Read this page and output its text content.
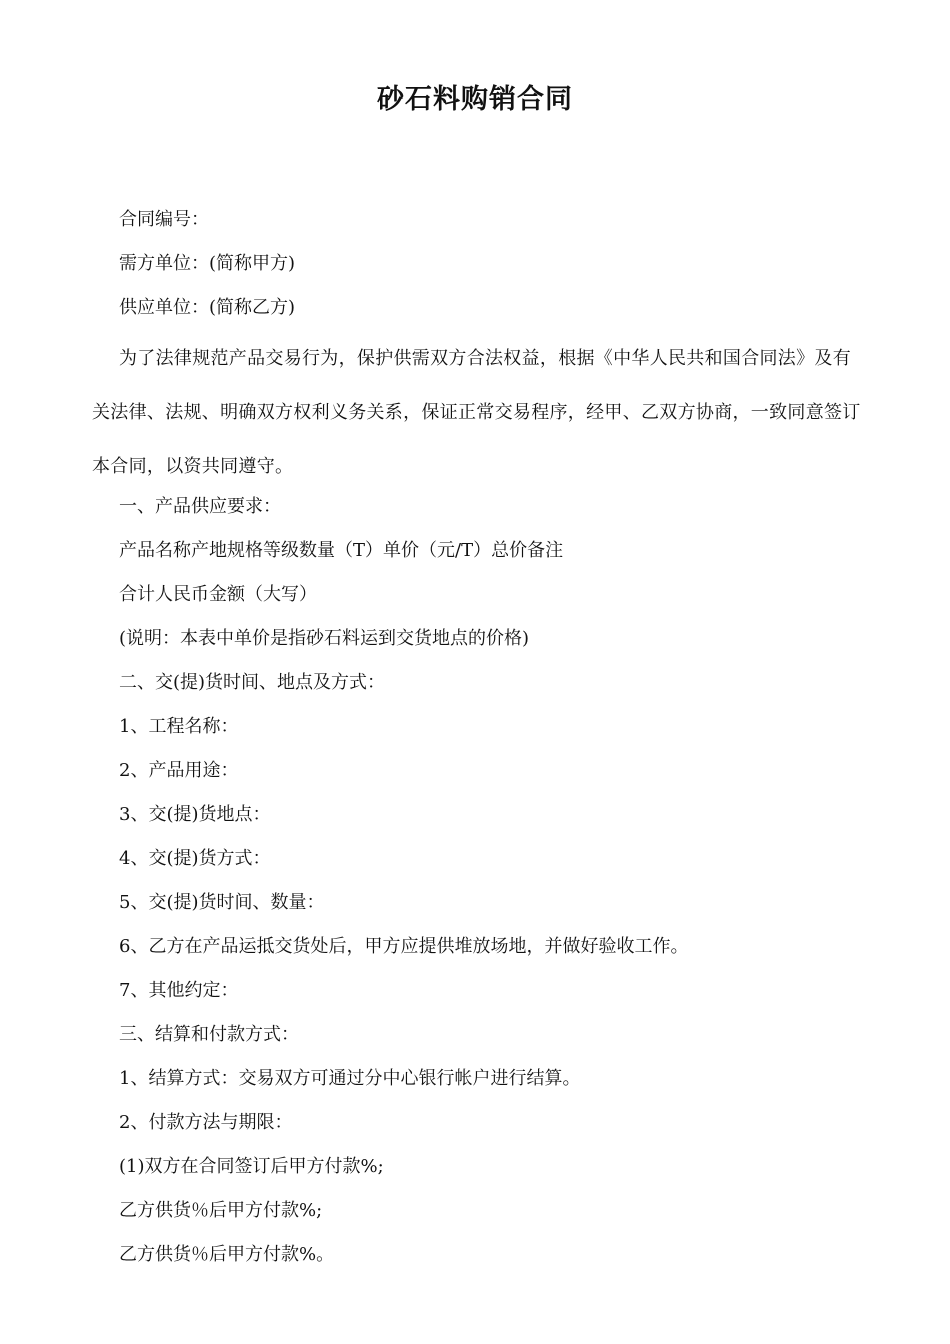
砂石料购销合同

合同编号：

需方单位：(简称甲方)

供应单位：(简称乙方)

为了法律规范产品交易行为，保护供需双方合法权益，根据《中华人民共和国合同法》及有关法律、法规、明确双方权利义务关系，保证正常交易程序，经甲、乙双方协商，一致同意签订本合同，以资共同遵守。

一、产品供应要求：

产品名称产地规格等级数量（T）单价（元/T）总价备注

合计人民币金额（大写）

(说明：本表中单价是指砂石料运到交货地点的价格)

二、交(提)货时间、地点及方式：

1、工程名称：

2、产品用途：

3、交(提)货地点：

4、交(提)货方式：

5、交(提)货时间、数量：

6、乙方在产品运抵交货处后，甲方应提供堆放场地，并做好验收工作。

7、其他约定：

三、结算和付款方式：

1、结算方式：交易双方可通过分中心银行帐户进行结算。

2、付款方法与期限：

(1)双方在合同签订后甲方付款%;

乙方供货％后甲方付款%;

乙方供货％后甲方付款%。
